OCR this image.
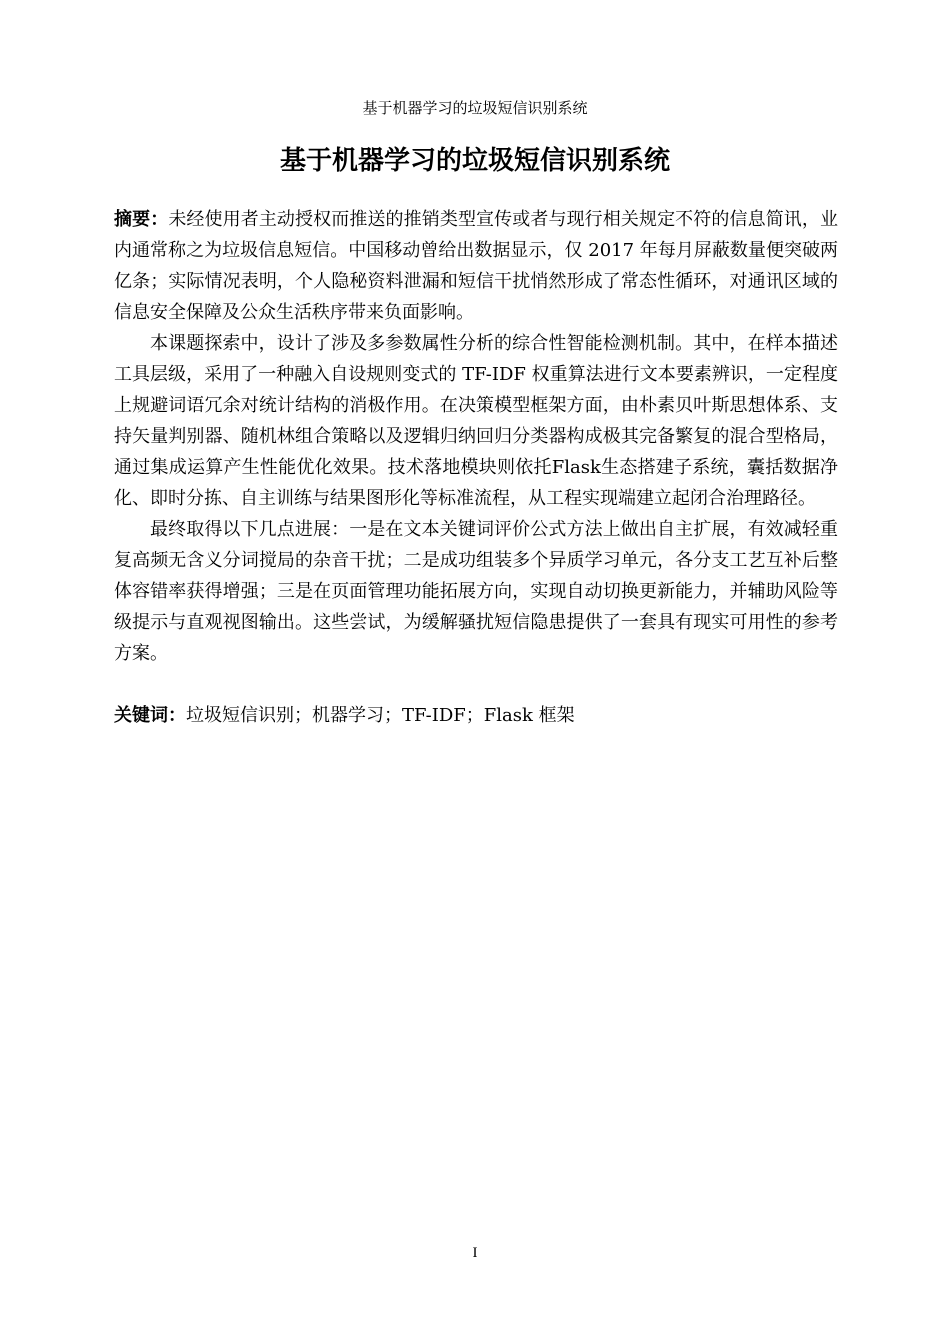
基于机器学习的垃圾短信识别系统
基于机器学习的垃圾短信识别系统

摘要：未经使用者主动授权而推送的推销类型宣传或者与现行相关规定不符的信息简讯，业内通常称之为垃圾信息短信。中国移动曾给出数据显示，仅 2017 年每月屏蔽数量便突破两亿条；实际情况表明，个人隐秘资料泄漏和短信干扰悄然形成了常态性循环，对通讯区域的信息安全保障及公众生活秩序带来负面影响。

本课题探索中，设计了涉及多参数属性分析的综合性智能检测机制。其中，在样本描述工具层级，采用了一种融入自设规则变式的 TF-IDF 权重算法进行文本要素辨识，一定程度上规避词语冗余对统计结构的消极作用。在决策模型框架方面，由朴素贝叶斯思想体系、支持矢量判别器、随机林组合策略以及逻辑归纳回归分类器构成极其完备繁复的混合型格局，通过集成运算产生性能优化效果。技术落地模块则依托Flask生态搭建子系统，囊括数据净化、即时分拣、自主训练与结果图形化等标准流程，从工程实现端建立起闭合治理路径。

最终取得以下几点进展：一是在文本关键词评价公式方法上做出自主扩展，有效减轻重复高频无含义分词搅局的杂音干扰；二是成功组装多个异质学习单元，各分支工艺互补后整体容错率获得增强；三是在页面管理功能拓展方向，实现自动切换更新能力，并辅助风险等级提示与直观视图输出。这些尝试，为缓解骚扰短信隐患提供了一套具有现实可用性的参考方案。

关键词：垃圾短信识别；机器学习；TF-IDF；Flask 框架

I
